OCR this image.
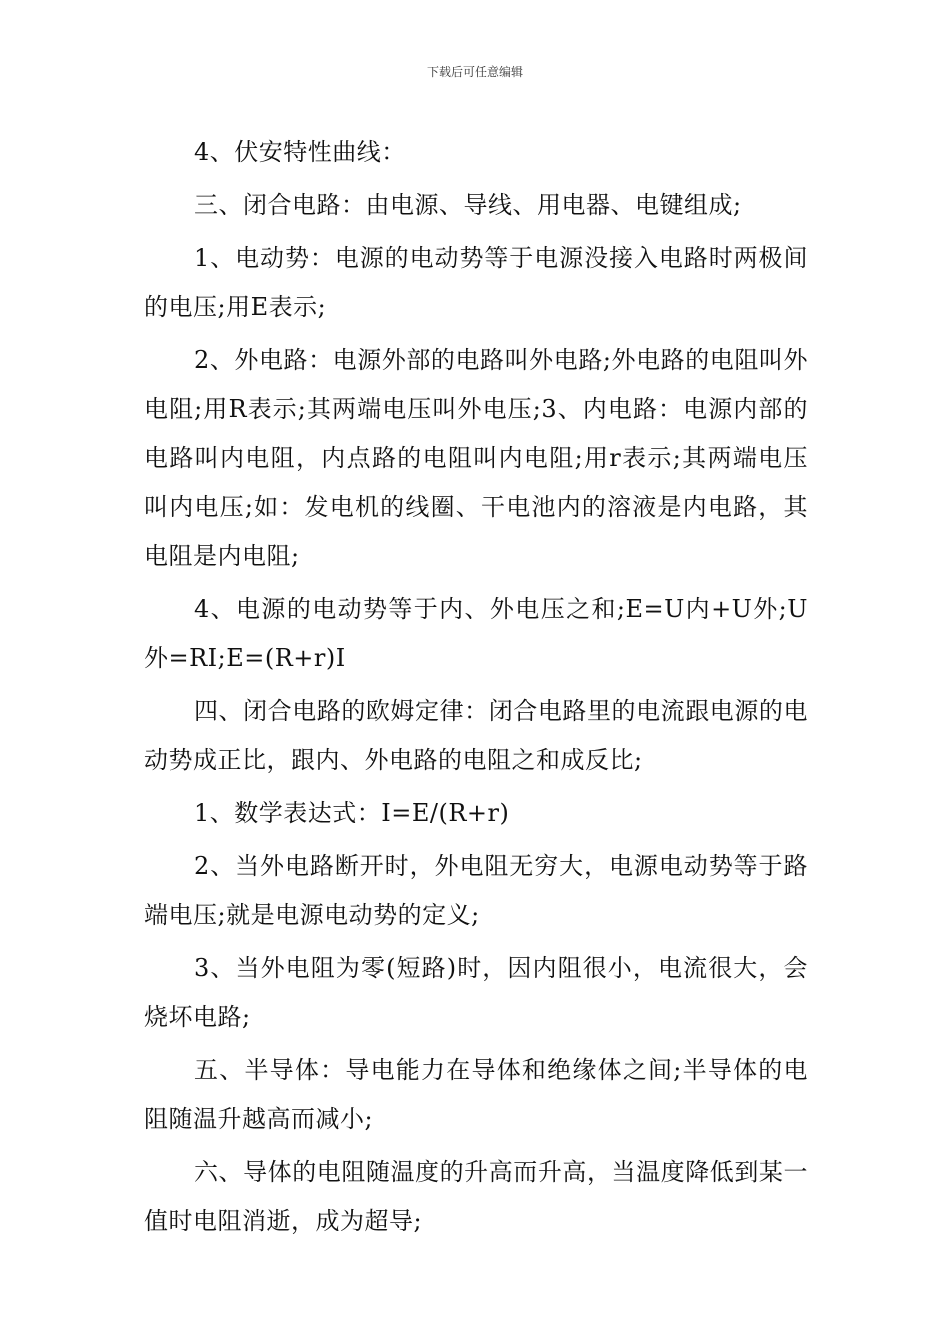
下载后可任意编辑

4、伏安特性曲线：

三、闭合电路：由电源、导线、用电器、电键组成;

1、电动势：电源的电动势等于电源没接入电路时两极间的电压;用E表示;

2、外电路：电源外部的电路叫外电路;外电路的电阻叫外电阻;用R表示;其两端电压叫外电压;3、内电路：电源内部的电路叫内电阻，内点路的电阻叫内电阻;用r表示;其两端电压叫内电压;如：发电机的线圈、干电池内的溶液是内电路，其电阻是内电阻;

4、电源的电动势等于内、外电压之和;E=U内+U外;U外=RI;E=(R+r)I

四、闭合电路的欧姆定律：闭合电路里的电流跟电源的电动势成正比，跟内、外电路的电阻之和成反比;

1、数学表达式：I=E/(R+r)

2、当外电路断开时，外电阻无穷大，电源电动势等于路端电压;就是电源电动势的定义;

3、当外电阻为零(短路)时，因内阻很小，电流很大，会烧坏电路;

五、半导体：导电能力在导体和绝缘体之间;半导体的电阻随温升越高而减小;

六、导体的电阻随温度的升高而升高，当温度降低到某一值时电阻消逝，成为超导;
